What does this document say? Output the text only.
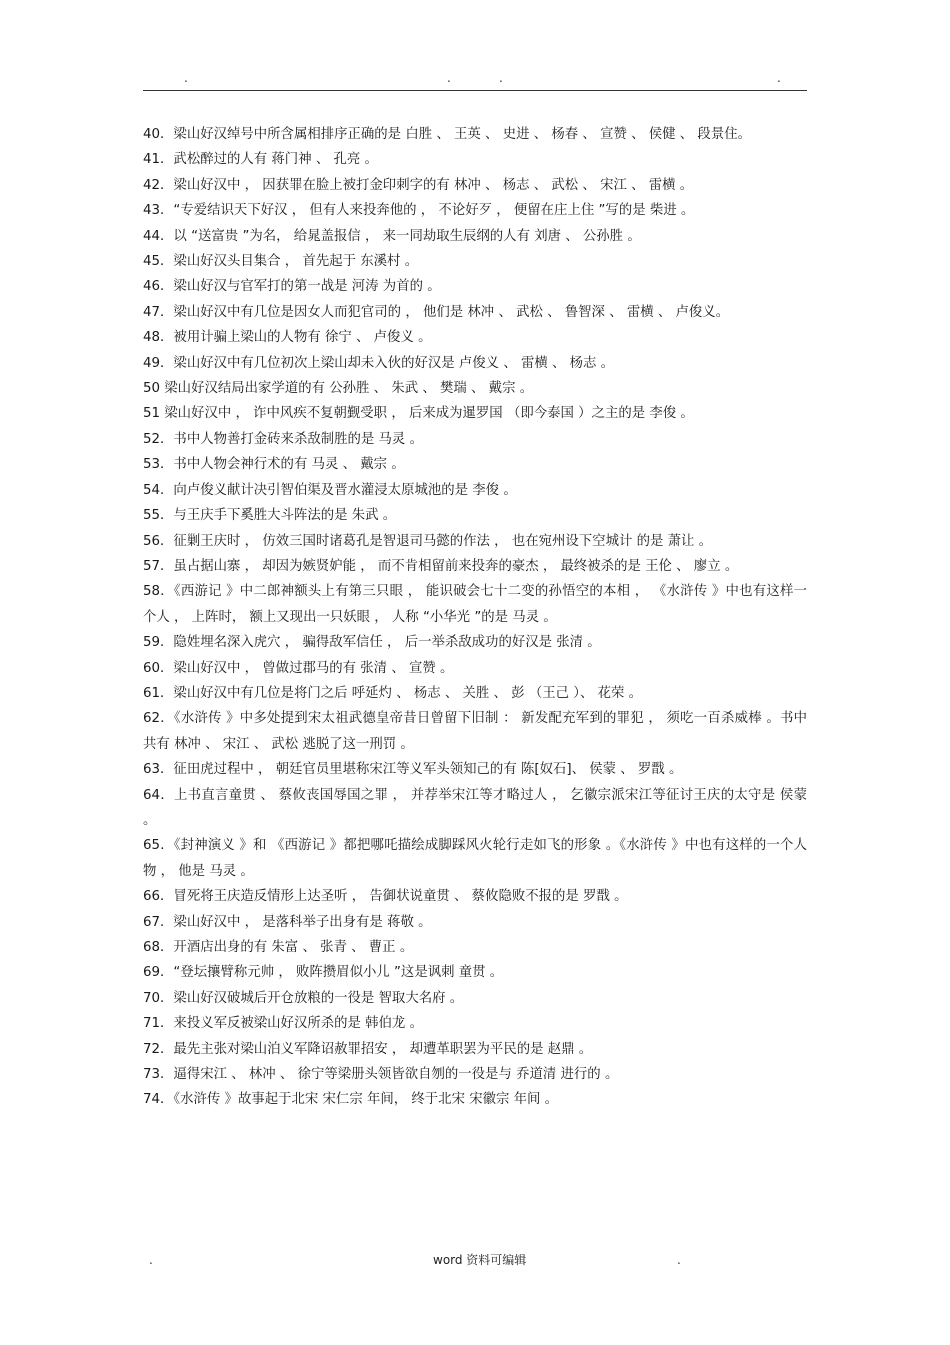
.	.	.	.

40．梁山好汉绰号中所含属相排序正确的是 白胜 、 王英 、 史进 、 杨春 、 宣赞 、 侯健 、 段景住。

41．武松醉过的人有 蒋门神 、 孔亮 。

42．梁山好汉中 ， 因获罪在脸上被打金印刺字的有 林冲 、 杨志 、 武松 、 宋江 、 雷横 。

43．“专爱结识天下好汉 ， 但有人来投奔他的 ， 不论好歹 ， 便留在庄上住 ”写的是 柴进 。

44．以 “送富贵 ”为名， 给晁盖报信 ， 来一同劫取生辰纲的人有 刘唐 、 公孙胜 。

45．梁山好汉头目集合 ， 首先起于 东溪村 。

46．梁山好汉与官军打的第一战是 河涛 为首的 。

47．梁山好汉中有几位是因女人而犯官司的 ， 他们是 林冲 、 武松 、 鲁智深 、 雷横 、 卢俊义。

48．被用计骗上梁山的人物有 徐宁 、 卢俊义 。

49．梁山好汉中有几位初次上梁山却未入伙的好汉是 卢俊义 、 雷横 、 杨志 。

50 梁山好汉结局出家学道的有 公孙胜 、 朱武 、 樊瑞 、 戴宗 。

51 梁山好汉中 ， 诈中风疾不复朝觐受职 ， 后来成为暹罗国 （即今泰国 ）之主的是 李俊 。

52．书中人物善打金砖来杀敌制胜的是 马灵 。

53．书中人物会神行术的有 马灵 、 戴宗 。

54．向卢俊义献计决引智伯渠及晋水灌浸太原城池的是 李俊 。

55．与王庆手下奚胜大斗阵法的是 朱武 。

56．征剿王庆时 ， 仿效三国时诸葛孔是智退司马懿的作法 ， 也在宛州设下空城计 的是 萧让 。

57．虽占据山寨 ， 却因为嫉贤妒能 ， 而不肯相留前来投奔的豪杰 ， 最终被杀的是 王伦 、 廖立 。

58．《西游记 》中二郎神额头上有第三只眼 ， 能识破会七十二变的孙悟空的本相 ， 《水浒传 》中也有这样一个人 ， 上阵时， 额上又现出一只妖眼 ， 人称 “小华光 ”的是 马灵 。

59．隐姓埋名深入虎穴 ， 骗得敌军信任 ， 后一举杀敌成功的好汉是 张清 。

60．梁山好汉中 ， 曾做过郡马的有 张清 、 宣赞 。

61．梁山好汉中有几位是将门之后 呼延灼 、 杨志 、 关胜 、 彭 （王己 ）、 花荣 。

62．《水浒传 》中多处提到宋太祖武德皇帝昔日曾留下旧制 ： 新发配充军到的罪犯 ， 须吃一百杀威棒 。书中共有 林冲 、 宋江 、 武松 逃脱了这一刑罚 。

63．征田虎过程中 ， 朝廷官员里堪称宋江等义军头领知己的有 陈[奴石]、 侯蒙 、 罗戬 。

64．上书直言童贯 、 蔡攸丧国辱国之罪 ， 并荐举宋江等才略过人 ， 乞徽宗派宋江等征讨王庆的太守是 侯蒙 。

65．《封神演义 》和 《西游记 》都把哪吒描绘成脚踩风火轮行走如飞的形象 。《水浒传 》中也有这样的一个人物 ， 他是 马灵 。

66．冒死将王庆造反情形上达圣听 ， 告御状说童贯 、 蔡攸隐败不报的是 罗戬 。

67．梁山好汉中 ， 是落科举子出身有是 蒋敬 。

68．开酒店出身的有 朱富 、 张青 、 曹正 。

69．“登坛攘臂称元帅 ， 败阵攒眉似小儿 ”这是讽刺 童贯 。

70．梁山好汉破城后开仓放粮的一役是 智取大名府 。

71．来投义军反被梁山好汉所杀的是 韩伯龙 。

72．最先主张对梁山泊义军降诏赦罪招安 ， 却遭革职罢为平民的是 赵鼎 。

73．逼得宋江 、 林冲 、 徐宁等梁册头领皆欲自刎的一役是与 乔道清 进行的 。

74．《水浒传 》故事起于北宋 宋仁宗 年间， 终于北宋 宋徽宗 年间 。

.	word 资料可编辑	.
